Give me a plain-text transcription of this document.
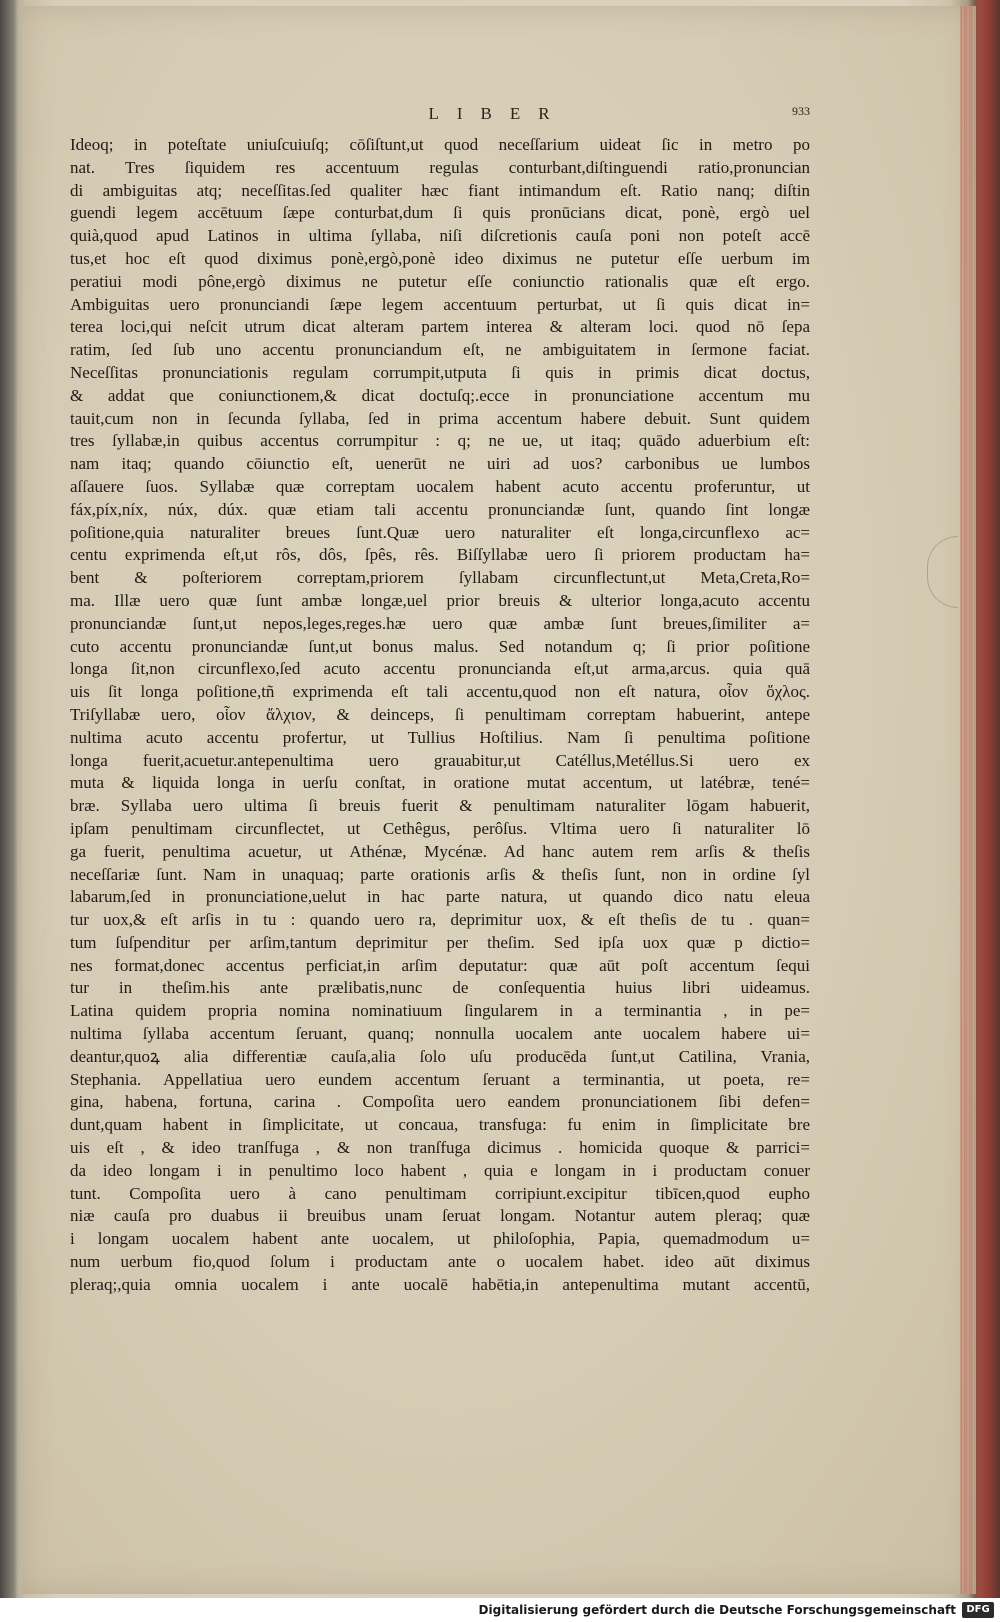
LIBER	933
Ideoq; in poteſtate uniuſcuiuſq; cōſiſtunt,ut quod neceſſarium uideat ſic in metro po
nat. Tres ſiquidem res accentuum regulas conturbant,diſtinguendi ratio,pronuncian
di ambiguitas atq; neceſſitas.ſed qualiter hæc fiant intimandum eſt. Ratio nanq; diſtin
guendi legem accētuum ſæpe conturbat,dum ſi quis pronūcians dicat, ponè, ergò uel
quià,quod apud Latinos in ultima ſyllaba, niſi diſcretionis cauſa poni non poteſt accē
tus,et hoc eſt quod diximus ponè,ergò,ponè ideo diximus ne putetur eſſe uerbum im
peratiui modi pône,ergò diximus ne putetur eſſe coniunctio rationalis quæ eſt ergo.
Ambiguitas uero pronunciandi ſæpe legem accentuum perturbat, ut ſi quis dicat in=
terea loci,qui neſcit utrum dicat alteram partem interea & alteram loci. quod nō ſepa
ratim, ſed ſub uno accentu pronunciandum eſt, ne ambiguitatem in ſermone faciat.
Neceſſitas pronunciationis regulam corrumpit,utputa ſi quis in primis dicat doctus,
& addat que coniunctionem,& dicat doctuſq;.ecce in pronunciatione accentum mu
tauit,cum non in ſecunda ſyllaba, ſed in prima accentum habere debuit. Sunt quidem
tres ſyllabæ,in quibus accentus corrumpitur : q; ne ue, ut itaq; quādo aduerbium eſt:
nam itaq; quando cōiunctio eſt, uenerūt ne uiri ad uos? carbonibus ue lumbos
aſſauere ſuos. Syllabæ quæ correptam uocalem habent acuto accentu proferuntur, ut
fáx,píx,níx, núx, dúx. quæ etiam tali accentu pronunciandæ ſunt, quando ſint longæ
poſitione,quia naturaliter breues ſunt.Quæ uero naturaliter eſt longa,circunflexo ac=
centu exprimenda eſt,ut rôs, dôs, ſpês, rês. Biſſyllabæ uero ſi priorem productam ha=
bent & poſteriorem correptam,priorem ſyllabam circunflectunt,ut Meta,Creta,Ro=
ma. Illæ uero quæ ſunt ambæ longæ,uel prior breuis & ulterior longa,acuto accentu
pronunciandæ ſunt,ut nepos,leges,reges.hæ uero quæ ambæ ſunt breues,ſimiliter a=
cuto accentu pronunciandæ ſunt,ut bonus malus. Sed notandum q; ſi prior poſitione
longa ſit,non circunflexo,ſed acuto accentu pronuncianda eſt,ut arma,arcus. quia quā
uis ſit longa poſitione,tñ exprimenda eſt tali accentu,quod non eſt natura, οἷον ὄχλος.
Triſyllabæ uero, οἷον ἄλχιον, & deinceps, ſi penultimam correptam habuerint, antepe
nultima acuto accentu profertur, ut Tullius Hoſtilius. Nam ſi penultima poſitione
longa fuerit,acuetur.antepenultima uero grauabitur,ut Catéllus,Metéllus.Si uero ex
muta & liquida longa in uerſu conſtat, in oratione mutat accentum, ut latébræ, tené=
bræ. Syllaba uero ultima ſi breuis fuerit & penultimam naturaliter lōgam habuerit,
ipſam penultimam circunflectet, ut Cethêgus, perôſus. Vltima uero ſi naturaliter lō
ga fuerit, penultima acuetur, ut Athénæ, Mycénæ. Ad hanc autem rem arſis & theſis
neceſſariæ ſunt. Nam in unaquaq; parte orationis arſis & theſis ſunt, non in ordine ſyl
labarum,ſed in pronunciatione,uelut in hac parte natura, ut quando dico natu eleua
tur uox,& eſt arſis in tu : quando uero ra, deprimitur uox, & eſt theſis de tu . quan=
tum ſuſpenditur per arſim,tantum deprimitur per theſim. Sed ipſa uox quæ p dictio=
nes format,donec accentus perficiat,in arſim deputatur: quæ aūt poſt accentum ſequi
tur in theſim.his ante prælibatis,nunc de conſequentia huius libri uideamus.
Latina quidem propria nomina nominatiuum ſingularem in a terminantia , in pe=
nultima ſyllaba accentum ſeruant, quanq; nonnulla uocalem ante uocalem habere ui=
deantur,quoꝝ alia differentiæ cauſa,alia ſolo uſu producēda ſunt,ut Catilina, Vrania,
Stephania. Appellatiua uero eundem accentum ſeruant a terminantia, ut poeta, re=
gina, habena, fortuna, carina . Compoſita uero eandem pronunciationem ſibi defen=
dunt,quam habent in ſimplicitate, ut concaua, transfuga: fu enim in ſimplicitate bre
uis eſt , & ideo tranſfuga , & non tranſfuga dicimus . homicida quoque & parrici=
da ideo longam i in penultimo loco habent , quia e longam in i productam conuer
tunt. Compoſita uero à cano penultimam corripiunt.excipitur tibīcen,quod eupho
niæ cauſa pro duabus ii breuibus unam ſeruat longam. Notantur autem pleraq; quæ
i longam uocalem habent ante uocalem, ut philoſophia, Papia, quemadmodum u=
num uerbum fio,quod ſolum i productam ante o uocalem habet. ideo aūt diximus
pleraq;,quia omnia uocalem i ante uocalē habētia,in antepenultima mutant accentū,
Digitalisierung gefördert durch die Deutsche Forschungsgemeinschaft	DFG
